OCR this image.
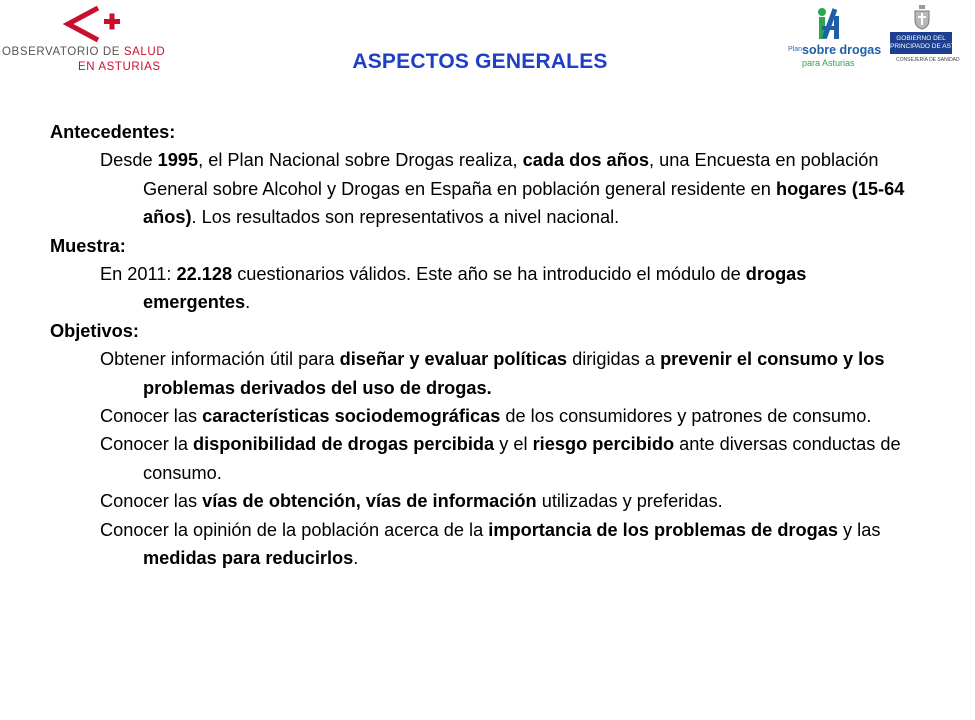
OBSERVATORIO DE SALUD
EN ASTURIAS	ASPECTOS GENERALES
Plan sobre drogas
para Asturias
GOBIERNO DEL
PRINCIPADO DE ASTURIAS
CONSEJERÍA DE SANIDAD

Antecedentes:

Desde 1995, el Plan Nacional sobre Drogas realiza, cada dos años, una Encuesta en población General sobre Alcohol y Drogas en España en población general residente en hogares (15-64 años). Los resultados son representativos a nivel nacional.

Muestra:

En 2011: 22.128 cuestionarios válidos. Este año se ha introducido el módulo de drogas emergentes.

Objetivos:

Obtener información útil para diseñar y evaluar políticas dirigidas a prevenir el consumo y los problemas derivados del uso de drogas.

Conocer las características sociodemográficas de los consumidores y patrones de consumo.

Conocer la disponibilidad de drogas percibida y el riesgo percibido ante diversas conductas de consumo.

Conocer las vías de obtención, vías de información utilizadas y preferidas.

Conocer la opinión de la población acerca de la importancia de los problemas de drogas y las medidas para reducirlos.
